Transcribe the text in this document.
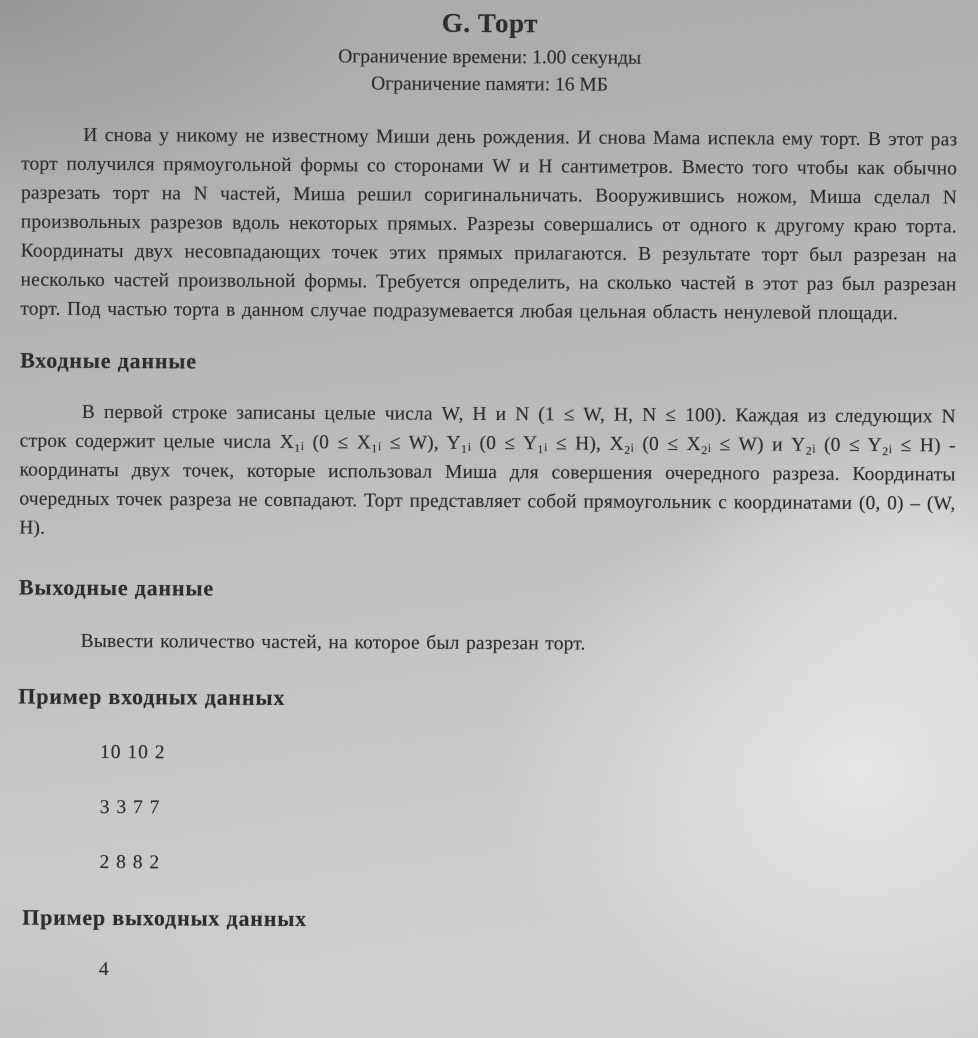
G. Торт
Ограничение времени: 1.00 секунды
Ограничение памяти: 16 МБ

И снова у никому не известному Миши день рождения. И снова Мама испекла ему торт. В этот раз торт получился прямоугольной формы со сторонами W и H сантиметров. Вместо того чтобы как обычно разрезать торт на N частей, Миша решил соригинальничать. Вооружившись ножом, Миша сделал N произвольных разрезов вдоль некоторых прямых. Разрезы совершались от одного к другому краю торта. Координаты двух несовпадающих точек этих прямых прилагаются. В результате торт был разрезан на несколько частей произвольной формы. Требуется определить, на сколько частей в этот раз был разрезан торт. Под частью торта в данном случае подразумевается любая цельная область ненулевой площади.

Входные данные

В первой строке записаны целые числа W, H и N (1 ≤ W, H, N ≤ 100). Каждая из следующих N строк содержит целые числа X₁ᵢ (0 ≤ X₁ᵢ ≤ W), Y₁ᵢ (0 ≤ Y₁ᵢ ≤ H), X₂ᵢ (0 ≤ X₂ᵢ ≤ W) и Y₂ᵢ (0 ≤ Y₂ᵢ ≤ H) - координаты двух точек, которые использовал Миша для совершения очередного разреза. Координаты очередных точек разреза не совпадают. Торт представляет собой прямоугольник с координатами (0, 0) – (W, H).

Выходные данные

Вывести количество частей, на которое был разрезан торт.

Пример входных данных
10 10 2
3 3 7 7
2 8 8 2
Пример выходных данных
4
